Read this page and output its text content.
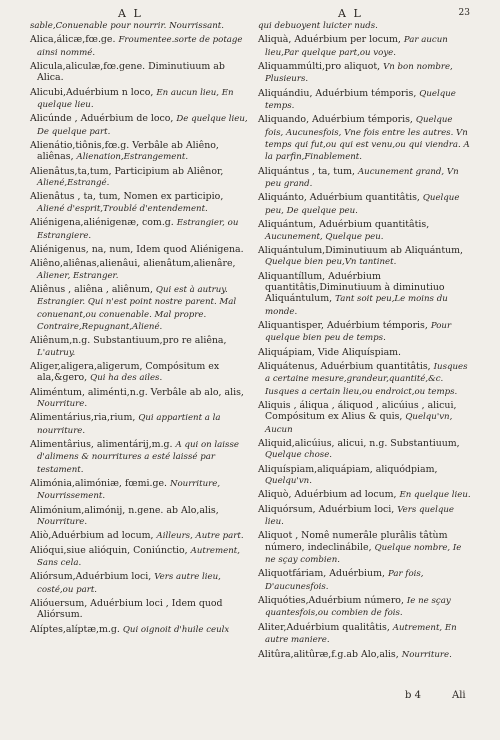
A L	A L	23
sable,Conuenable pour nourrir. Nourrissant.
Alica,álicæ,fœ.ge. Froumentee.sorte de potage ainsi nommé.
Alicula,aliculæ,fœ.gene. Diminutiuum ab Alica.
Alicubi,Aduérbium n loco, En aucun lieu, En quelque lieu.
Alicúnde , Aduérbium de loco, De quelque lieu, De quelque part.
Alienátio,tiônis,fœ.g. Verbâle ab Aliêno, aliênas, Alienation,Estrangement.
Alienâtus,ta,tum, Participium ab Aliênor, Aliené,Estrangé.
Alienâtus , ta, tum, Nomen ex participio, Aliené d'esprit,Troublé d'entendement.
Aliénigena,aliénigenæ, com.g. Estrangier, ou Estrangiere.
Aliénigenus, na, num, Idem quod Aliénigena.
Aliêno,aliênas,alienâui, alienâtum,alienâre, Aliener, Estranger.
Aliênus , aliêna , aliênum, Qui est à autruy. Estrangier. Qui n'est point nostre parent. Mal conuenant,ou conuenable. Mal propre. Contraire,Repugnant,Aliené.
Aliênum,n.g. Substantiuum,pro re aliêna, L'autruy.
Aliger,aligera,aligerum, Compósitum ex ala,&gero, Qui ha des ailes.
Aliméntum, aliménti,n.g. Verbâle ab alo, alis, Nourriture.
Alimentárius,ria,rium, Qui appartient a la nourriture.
Alimentârius, alimentárij,m.g. A qui on laisse d'alimens & nourritures a esté laissé par testament.
Alimónia,alimóniæ, fœmi.ge. Nourriture, Nourrissement.
Alimónium,alimónij, n.gene. ab Alo,alis, Nourriture.
Aliò,Aduérbium ad locum, Ailleurs, Autre part.
Alióqui,siue alióquin, Coniúnctio, Autrement, Sans cela.
Aliórsum,Aduérbium loci, Vers autre lieu, costé,ou part.
Alióuersum, Aduérbium loci , Idem quod Aliórsum.
Alíptes,alíptæ,m.g. Qui oignoit d'huile ceulx
qui debuoyent luicter nuds.
Aliquà, Aduérbium per locum, Par aucun lieu,Par quelque part,ou voye.
Aliquammúlti,pro aliquot, Vn bon nombre, Plusieurs.
Aliquándiu, Aduérbium témporis, Quelque temps.
Aliquando, Aduérbium témporis, Quelque fois, Aucunesfois, Vne fois entre les autres. Vn temps qui fut,ou qui est venu,ou qui viendra. A la parfin,Finablement.
Aliquántus , ta, tum, Aucunement grand, Vn peu grand.
Aliquánto, Aduérbium quantitâtis, Quelque peu, De quelque peu.
Aliquántum, Aduérbium quantitâtis, Aucunement, Quelque peu.
Aliquántulum,Diminutiuum ab Aliquántum, Quelque bien peu,Vn tantinet.
Aliquantíllum, Aduérbium quantitâtis,Diminutiuum à diminutiuo Aliquántulum, Tant soit peu,Le moins du monde.
Aliquantisper, Aduérbium témporis, Pour quelque bien peu de temps.
Aliquápiam, Vide Aliquíspiam.
Aliquátenus, Aduérbium quantitâtis, Iusques a certaine mesure,grandeur,quantité,&c. Iusques a certain lieu,ou endroict,ou temps.
Aliquis , áliqua , áliquod , alicúius , alicui, Compósitum ex Alius & quis, Quelqu'vn, Aucun
Aliquid,alicúius, alicui, n.g. Substantiuum, Quelque chose.
Aliquíspiam,aliquápiam, aliquódpiam, Quelqu'vn.
Aliquò, Aduérbium ad locum, En quelque lieu.
Aliquórsum, Aduérbium loci, Vers quelque lieu.
Aliquot , Nomê numerâle plurâlis tâtùm número, indeclinábile, Quelque nombre, Ie ne sçay combien.
Aliquotfáriam, Aduérbium, Par fois, D'aucunesfois.
Aliquóties,Aduérbium número, Ie ne sçay quantesfois,ou combien de fois.
Aliter,Aduérbium qualitâtis, Autrement, En autre maniere.
Alitûra,alitûræ,f.g.ab Alo,alis, Nourriture.
b 4	Ali
